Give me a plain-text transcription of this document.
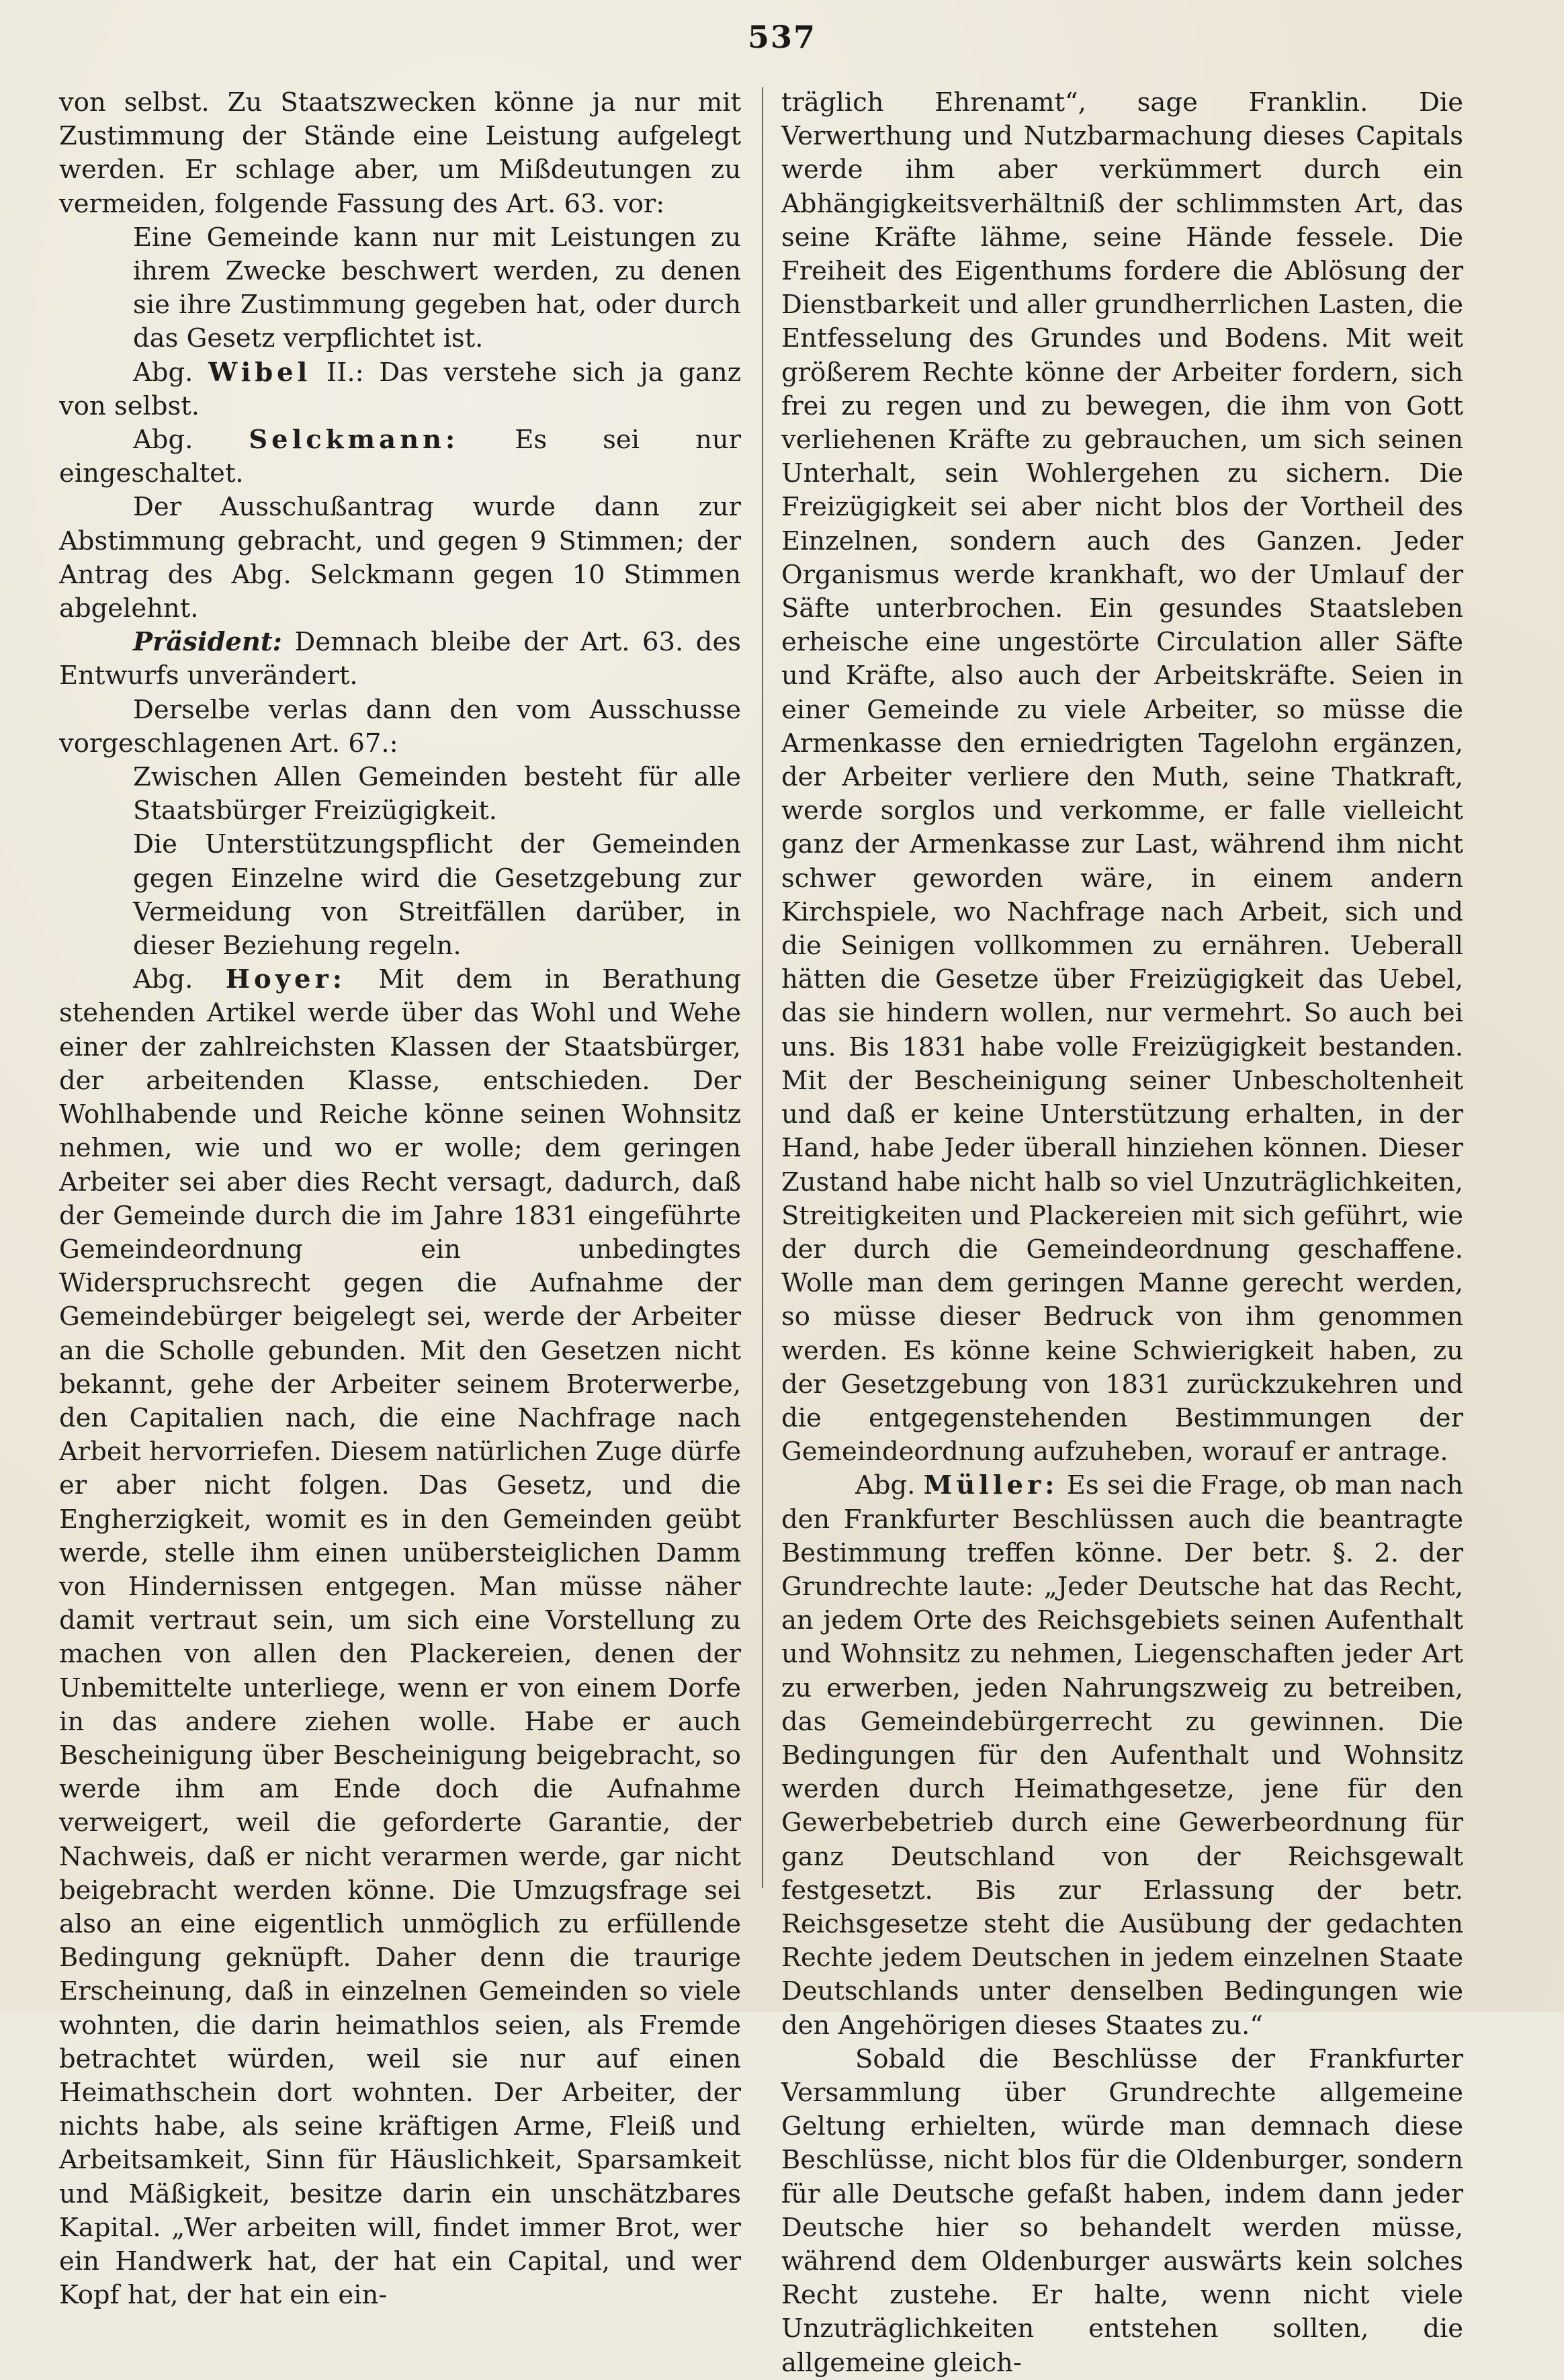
537

von selbst. Zu Staatszwecken könne ja nur mit Zustimmung der Stände eine Leistung aufgelegt werden. Er schlage aber, um Mißdeutungen zu vermeiden, folgende Fassung des Art. 63. vor:

Eine Gemeinde kann nur mit Leistungen zu ihrem Zwecke beschwert werden, zu denen sie ihre Zustimmung gegeben hat, oder durch das Gesetz verpflichtet ist.

Abg. Wibel II.: Das verstehe sich ja ganz von selbst.

Abg. Selckmann: Es sei nur eingeschaltet.

Der Ausschußantrag wurde dann zur Abstimmung gebracht, und gegen 9 Stimmen; der Antrag des Abg. Selckmann gegen 10 Stimmen abgelehnt.

Präsident: Demnach bleibe der Art. 63. des Entwurfs unverändert.

Derselbe verlas dann den vom Ausschusse vorgeschlagenen Art. 67.:

Zwischen Allen Gemeinden besteht für alle Staatsbürger Freizügigkeit.

Die Unterstützungspflicht der Gemeinden gegen Einzelne wird die Gesetzgebung zur Vermeidung von Streitfällen darüber, in dieser Beziehung regeln.

Abg. Hoyer: Mit dem in Berathung stehenden Artikel werde über das Wohl und Wehe einer der zahlreichsten Klassen der Staatsbürger, der arbeitenden Klasse, entschieden. Der Wohlhabende und Reiche könne seinen Wohnsitz nehmen, wie und wo er wolle; dem geringen Arbeiter sei aber dies Recht versagt, dadurch, daß der Gemeinde durch die im Jahre 1831 eingeführte Gemeindeordnung ein unbedingtes Widerspruchsrecht gegen die Aufnahme der Gemeindebürger beigelegt sei, werde der Arbeiter an die Scholle gebunden. Mit den Gesetzen nicht bekannt, gehe der Arbeiter seinem Broterwerbe, den Capitalien nach, die eine Nachfrage nach Arbeit hervorriefen. Diesem natürlichen Zuge dürfe er aber nicht folgen. Das Gesetz, und die Engherzigkeit, womit es in den Gemeinden geübt werde, stelle ihm einen unübersteiglichen Damm von Hindernissen entgegen. Man müsse näher damit vertraut sein, um sich eine Vorstellung zu machen von allen den Plackereien, denen der Unbemittelte unterliege, wenn er von einem Dorfe in das andere ziehen wolle. Habe er auch Bescheinigung über Bescheinigung beigebracht, so werde ihm am Ende doch die Aufnahme verweigert, weil die geforderte Garantie, der Nachweis, daß er nicht verarmen werde, gar nicht beigebracht werden könne. Die Umzugsfrage sei also an eine eigentlich unmöglich zu erfüllende Bedingung geknüpft. Daher denn die traurige Erscheinung, daß in einzelnen Gemeinden so viele wohnten, die darin heimathlos seien, als Fremde betrachtet würden, weil sie nur auf einen Heimathschein dort wohnten. Der Arbeiter, der nichts habe, als seine kräftigen Arme, Fleiß und Arbeitsamkeit, Sinn für Häuslichkeit, Sparsamkeit und Mäßigkeit, besitze darin ein unschätzbares Kapital. „Wer arbeiten will, findet immer Brot, wer ein Handwerk hat, der hat ein Capital, und wer Kopf hat, der hat ein ein-

träglich Ehrenamt“, sage Franklin. Die Verwerthung und Nutzbarmachung dieses Capitals werde ihm aber verkümmert durch ein Abhängigkeitsverhältniß der schlimmsten Art, das seine Kräfte lähme, seine Hände fessele. Die Freiheit des Eigenthums fordere die Ablösung der Dienstbarkeit und aller grundherrlichen Lasten, die Entfesselung des Grundes und Bodens. Mit weit größerem Rechte könne der Arbeiter fordern, sich frei zu regen und zu bewegen, die ihm von Gott verliehenen Kräfte zu gebrauchen, um sich seinen Unterhalt, sein Wohlergehen zu sichern. Die Freizügigkeit sei aber nicht blos der Vortheil des Einzelnen, sondern auch des Ganzen. Jeder Organismus werde krankhaft, wo der Umlauf der Säfte unterbrochen. Ein gesundes Staatsleben erheische eine ungestörte Circulation aller Säfte und Kräfte, also auch der Arbeitskräfte. Seien in einer Gemeinde zu viele Arbeiter, so müsse die Armenkasse den erniedrigten Tagelohn ergänzen, der Arbeiter verliere den Muth, seine Thatkraft, werde sorglos und verkomme, er falle vielleicht ganz der Armenkasse zur Last, während ihm nicht schwer geworden wäre, in einem andern Kirchspiele, wo Nachfrage nach Arbeit, sich und die Seinigen vollkommen zu ernähren. Ueberall hätten die Gesetze über Freizügigkeit das Uebel, das sie hindern wollen, nur vermehrt. So auch bei uns. Bis 1831 habe volle Freizügigkeit bestanden. Mit der Bescheinigung seiner Unbescholtenheit und daß er keine Unterstützung erhalten, in der Hand, habe Jeder überall hinziehen können. Dieser Zustand habe nicht halb so viel Unzuträglichkeiten, Streitigkeiten und Plackereien mit sich geführt, wie der durch die Gemeindeordnung geschaffene. Wolle man dem geringen Manne gerecht werden, so müsse dieser Bedruck von ihm genommen werden. Es könne keine Schwierigkeit haben, zu der Gesetzgebung von 1831 zurückzukehren und die entgegenstehenden Bestimmungen der Gemeindeordnung aufzuheben, worauf er antrage.

Abg. Müller: Es sei die Frage, ob man nach den Frankfurter Beschlüssen auch die beantragte Bestimmung treffen könne. Der betr. §. 2. der Grundrechte laute: „Jeder Deutsche hat das Recht, an jedem Orte des Reichsgebiets seinen Aufenthalt und Wohnsitz zu nehmen, Liegenschaften jeder Art zu erwerben, jeden Nahrungszweig zu betreiben, das Gemeindebürgerrecht zu gewinnen. Die Bedingungen für den Aufenthalt und Wohnsitz werden durch Heimathgesetze, jene für den Gewerbebetrieb durch eine Gewerbeordnung für ganz Deutschland von der Reichsgewalt festgesetzt. Bis zur Erlassung der betr. Reichsgesetze steht die Ausübung der gedachten Rechte jedem Deutschen in jedem einzelnen Staate Deutschlands unter denselben Bedingungen wie den Angehörigen dieses Staates zu.“

Sobald die Beschlüsse der Frankfurter Versammlung über Grundrechte allgemeine Geltung erhielten, würde man demnach diese Beschlüsse, nicht blos für die Oldenburger, sondern für alle Deutsche gefaßt haben, indem dann jeder Deutsche hier so behandelt werden müsse, während dem Oldenburger auswärts kein solches Recht zustehe. Er halte, wenn nicht viele Unzuträglichkeiten entstehen sollten, die allgemeine gleich-
